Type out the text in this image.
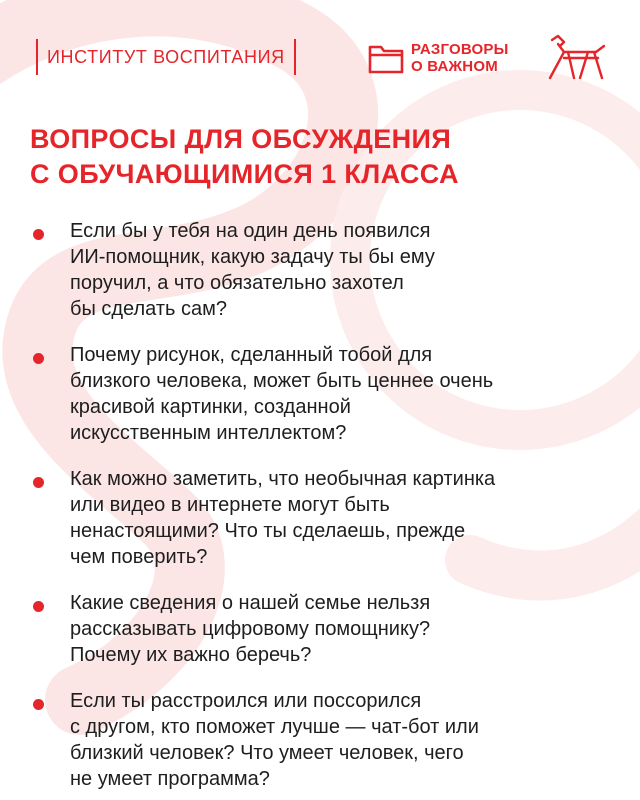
ИНСТИТУТ ВОСПИТАНИЯ	РАЗГОВОРЫ
О ВАЖНОМ
ВОПРОСЫ ДЛЯ ОБСУЖДЕНИЯ
С ОБУЧАЮЩИМИСЯ 1 КЛАССА
Если бы у тебя на один день появился
ИИ-помощник, какую задачу ты бы ему
поручил, а что обязательно захотел
бы сделать сам?
Почему рисунок, сделанный тобой для
близкого человека, может быть ценнее очень
красивой картинки, созданной
искусственным интеллектом?
Как можно заметить, что необычная картинка
или видео в интернете могут быть
ненастоящими? Что ты сделаешь, прежде
чем поверить?
Какие сведения о нашей семье нельзя
рассказывать цифровому помощнику?
Почему их важно беречь?
Если ты расстроился или поссорился
с другом, кто поможет лучше — чат-бот или
близкий человек? Что умеет человек, чего
не умеет программа?
